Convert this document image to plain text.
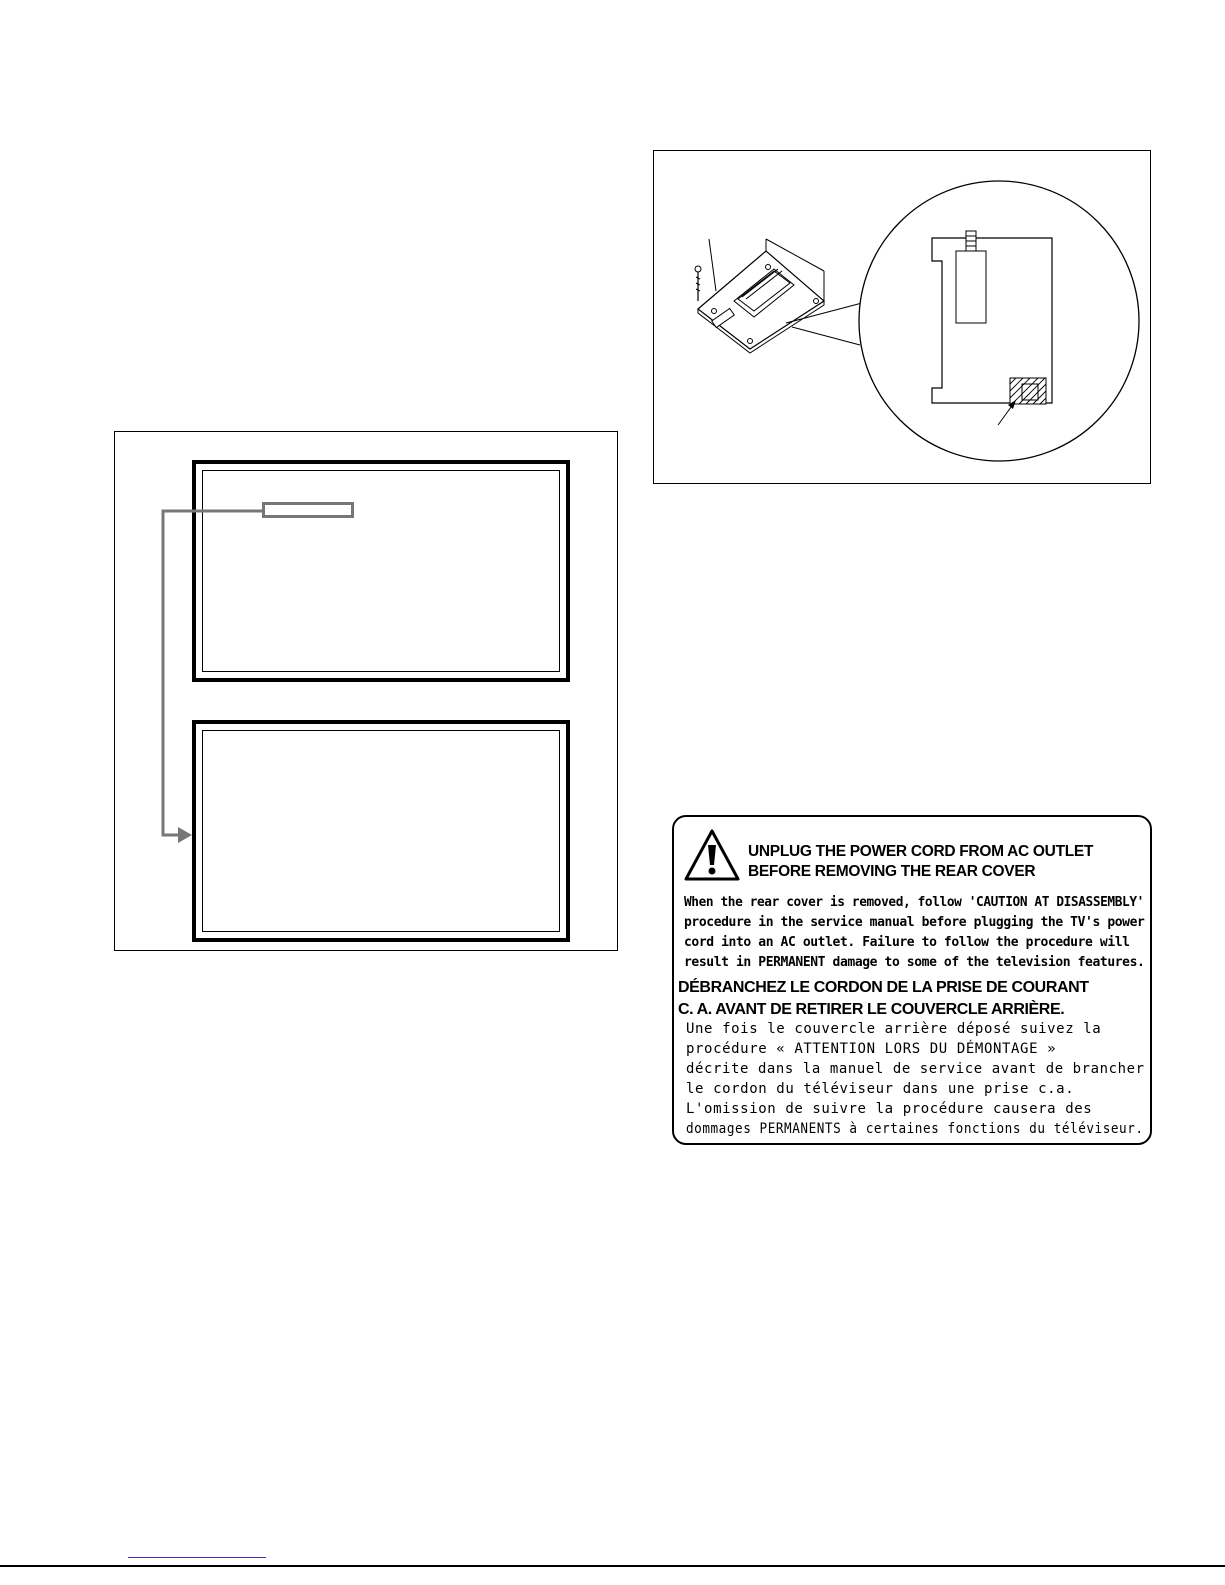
UNPLUG THE POWER CORD FROM AC OUTLET
BEFORE REMOVING THE REAR COVER
When the rear cover is removed, follow 'CAUTION AT DISASSEMBLY'
procedure in the service manual before plugging the TV's power
cord into an AC outlet. Failure to follow the procedure will
result in PERMANENT damage to some of the television features.
DÉBRANCHEZ LE CORDON DE LA PRISE DE COURANT
C. A. AVANT DE RETIRER LE COUVERCLE ARRIÈRE.
Une fois le couvercle arrière déposé suivez la
procédure « ATTENTION LORS DU DÉMONTAGE »
décrite dans la manuel de service avant de brancher
le cordon du téléviseur dans une prise c.a.
L'omission de suivre la procédure causera des
dommages PERMANENTS à certaines fonctions du téléviseur.
